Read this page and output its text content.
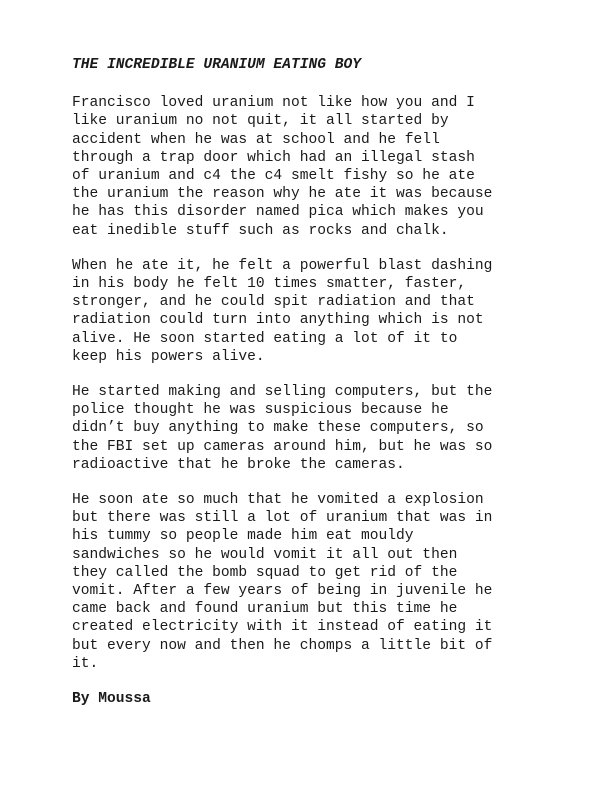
THE INCREDIBLE URANIUM EATING BOY
Francisco loved uranium not like how you and I
like uranium no not quit, it all started by
accident when he was at school and he fell
through a trap door which had an illegal stash
of uranium and c4 the c4 smelt fishy so he ate
the uranium the reason why he ate it was because
he has this disorder named pica which makes you
eat inedible stuff such as rocks and chalk.
When he ate it, he felt a powerful blast dashing
in his body he felt 10 times smatter, faster,
stronger, and he could spit radiation and that
radiation could turn into anything which is not
alive. He soon started eating a lot of it to
keep his powers alive.
He started making and selling computers, but the
police thought he was suspicious because he
didn’t buy anything to make these computers, so
the FBI set up cameras around him, but he was so
radioactive that he broke the cameras.
He soon ate so much that he vomited a explosion
but there was still a lot of uranium that was in
his tummy so people made him eat mouldy
sandwiches so he would vomit it all out then
they called the bomb squad to get rid of the
vomit. After a few years of being in juvenile he
came back and found uranium but this time he
created electricity with it instead of eating it
but every now and then he chomps a little bit of
it.
By Moussa
